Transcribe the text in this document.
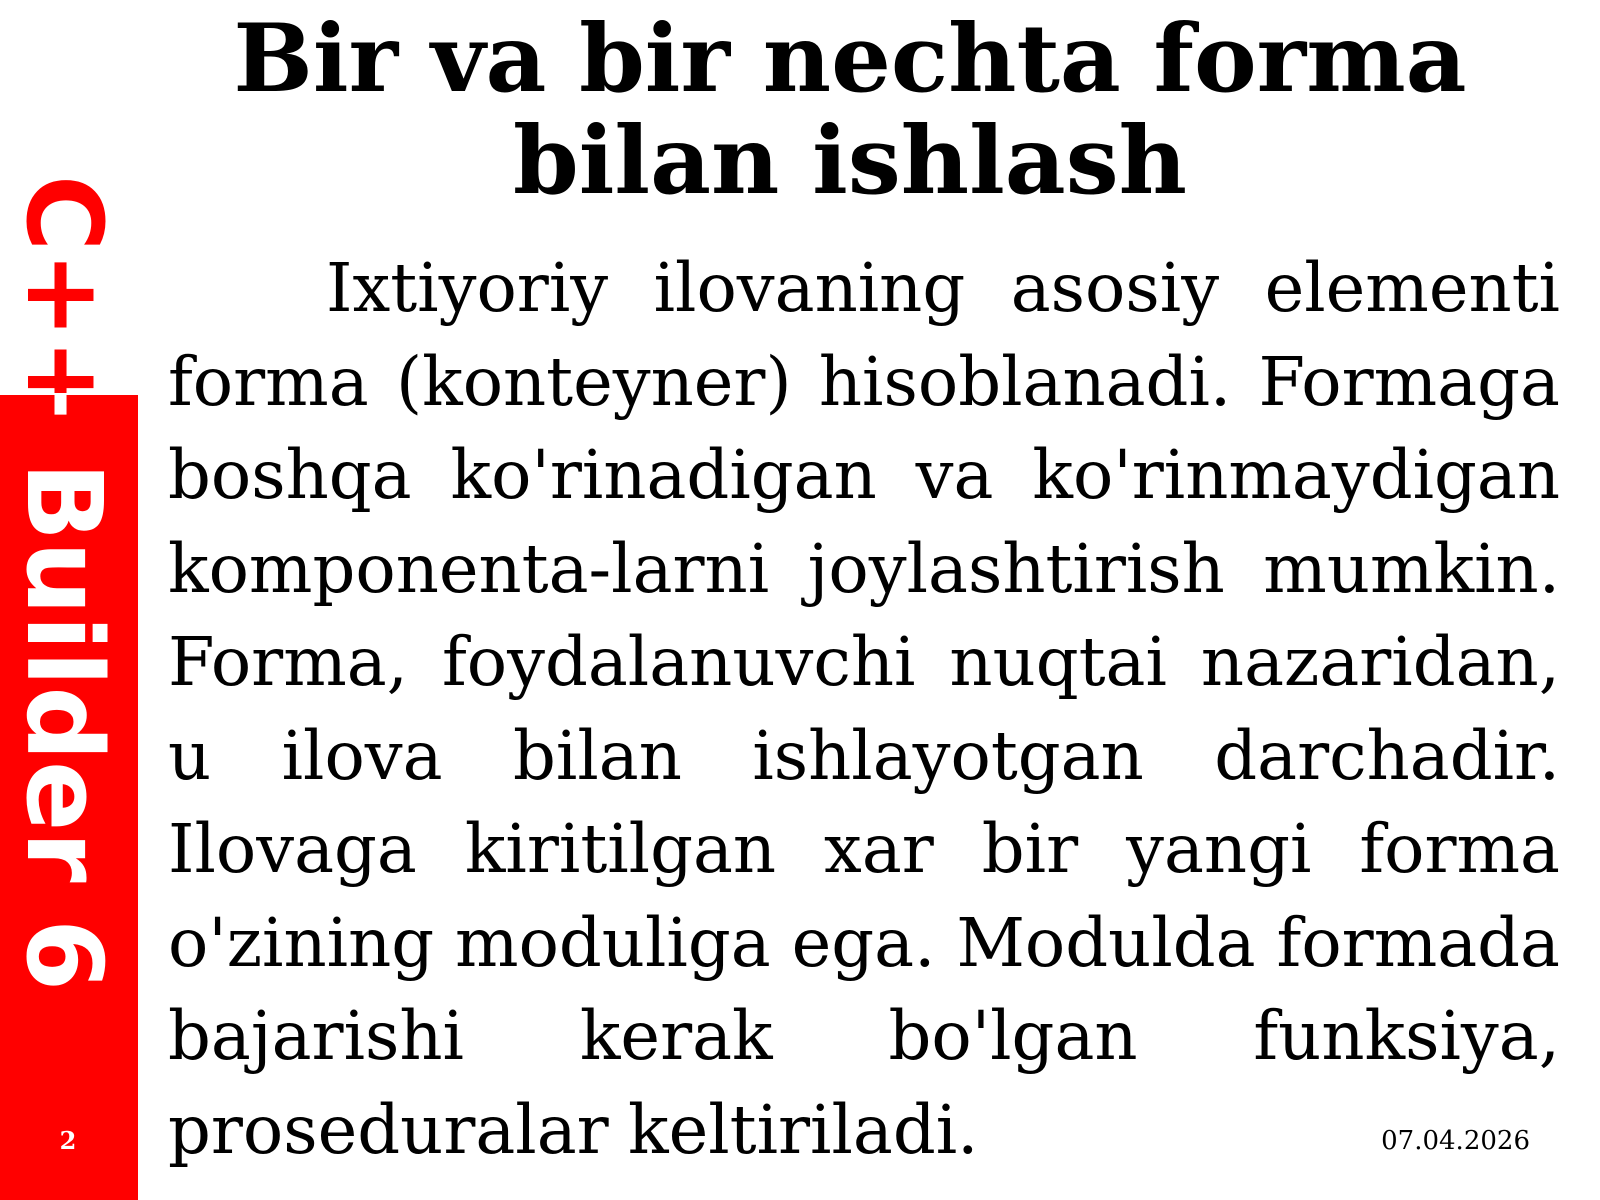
C++ Builder 6
2
Bir va bir nechta forma bilan ishlash

Ixtiyoriy ilovaning asosiy elementi forma (konteyner) hisoblanadi. Formaga boshqa ko'rinadigan va ko'rinmaydigan komponenta-larni joylashtirish mumkin. Forma, foydalanuvchi nuqtai nazaridan, u ilova bilan ishlayotgan darchadir. Ilovaga kiritilgan xar bir yangi forma o'zining moduliga ega. Modulda formada bajarishi kerak bo'lgan funksiya, proseduralar keltiriladi.	07.04.2026
